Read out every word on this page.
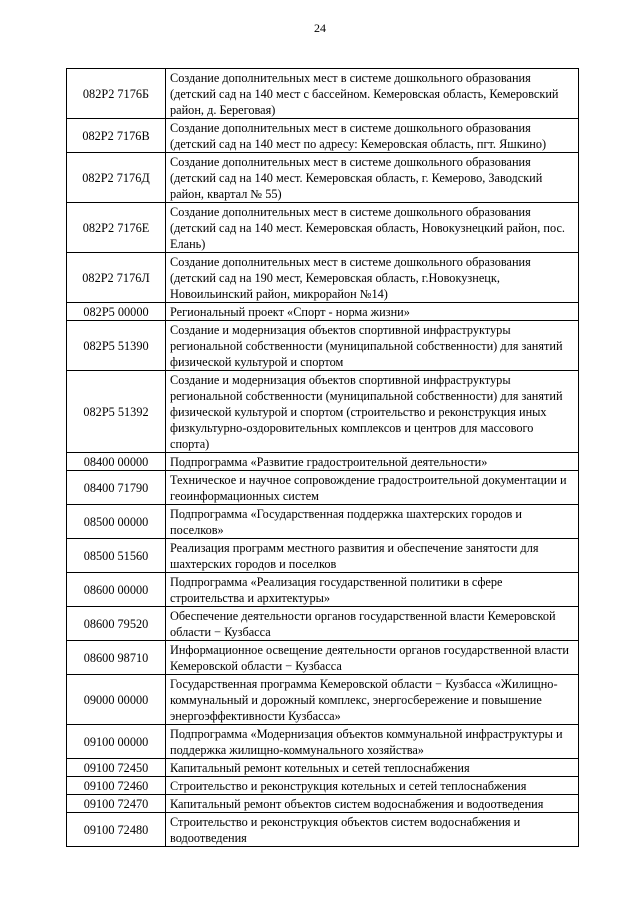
24
082P2 7176Б	Создание дополнительных мест в системе дошкольного образования (детский сад на 140 мест с бассейном. Кемеровская область, Кемеровский район, д. Береговая)
082P2 7176В	Создание дополнительных мест в системе дошкольного образования (детский сад на 140 мест по адресу: Кемеровская область, пгт. Яшкино)
082P2 7176Д	Создание дополнительных мест в системе дошкольного образования (детский сад на 140 мест. Кемеровская область, г. Кемерово, Заводский район, квартал № 55)
082P2 7176Е	Создание дополнительных мест в системе дошкольного образования (детский сад на 140 мест. Кемеровская область, Новокузнецкий район, пос. Елань)
082P2 7176Л	Создание дополнительных мест в системе дошкольного образования (детский сад на 190 мест, Кемеровская область, г.Новокузнецк, Новоильинский район, микрорайон №14)
082P5 00000	Региональный проект «Спорт - норма жизни»
082P5 51390	Создание и модернизация объектов спортивной инфраструктуры региональной собственности (муниципальной собственности) для занятий физической культурой и спортом
082P5 51392	Создание и модернизация объектов спортивной инфраструктуры региональной собственности (муниципальной собственности) для занятий физической культурой и спортом (строительство и реконструкция иных физкультурно-оздоровительных комплексов и центров для массового спорта)
08400 00000	Подпрограмма «Развитие градостроительной деятельности»
08400 71790	Техническое и научное сопровождение градостроительной документации и геоинформационных систем
08500 00000	Подпрограмма «Государственная поддержка шахтерских городов и поселков»
08500 51560	Реализация программ местного развития и обеспечение занятости для шахтерских городов и поселков
08600 00000	Подпрограмма «Реализация государственной политики в сфере строительства и архитектуры»
08600 79520	Обеспечение деятельности органов государственной власти Кемеровской области − Кузбасса
08600 98710	Информационное освещение деятельности органов государственной власти Кемеровской области − Кузбасса
09000 00000	Государственная программа Кемеровской области − Кузбасса «Жилищно-коммунальный и дорожный комплекс, энергосбережение и повышение энергоэффективности Кузбасса»
09100 00000	Подпрограмма «Модернизация объектов коммунальной инфраструктуры и поддержка жилищно-коммунального хозяйства»
09100 72450	Капитальный ремонт котельных и сетей теплоснабжения
09100 72460	Строительство и реконструкция котельных и сетей теплоснабжения
09100 72470	Капитальный ремонт объектов систем водоснабжения и водоотведения
09100 72480	Строительство и реконструкция объектов систем водоснабжения и водоотведения
